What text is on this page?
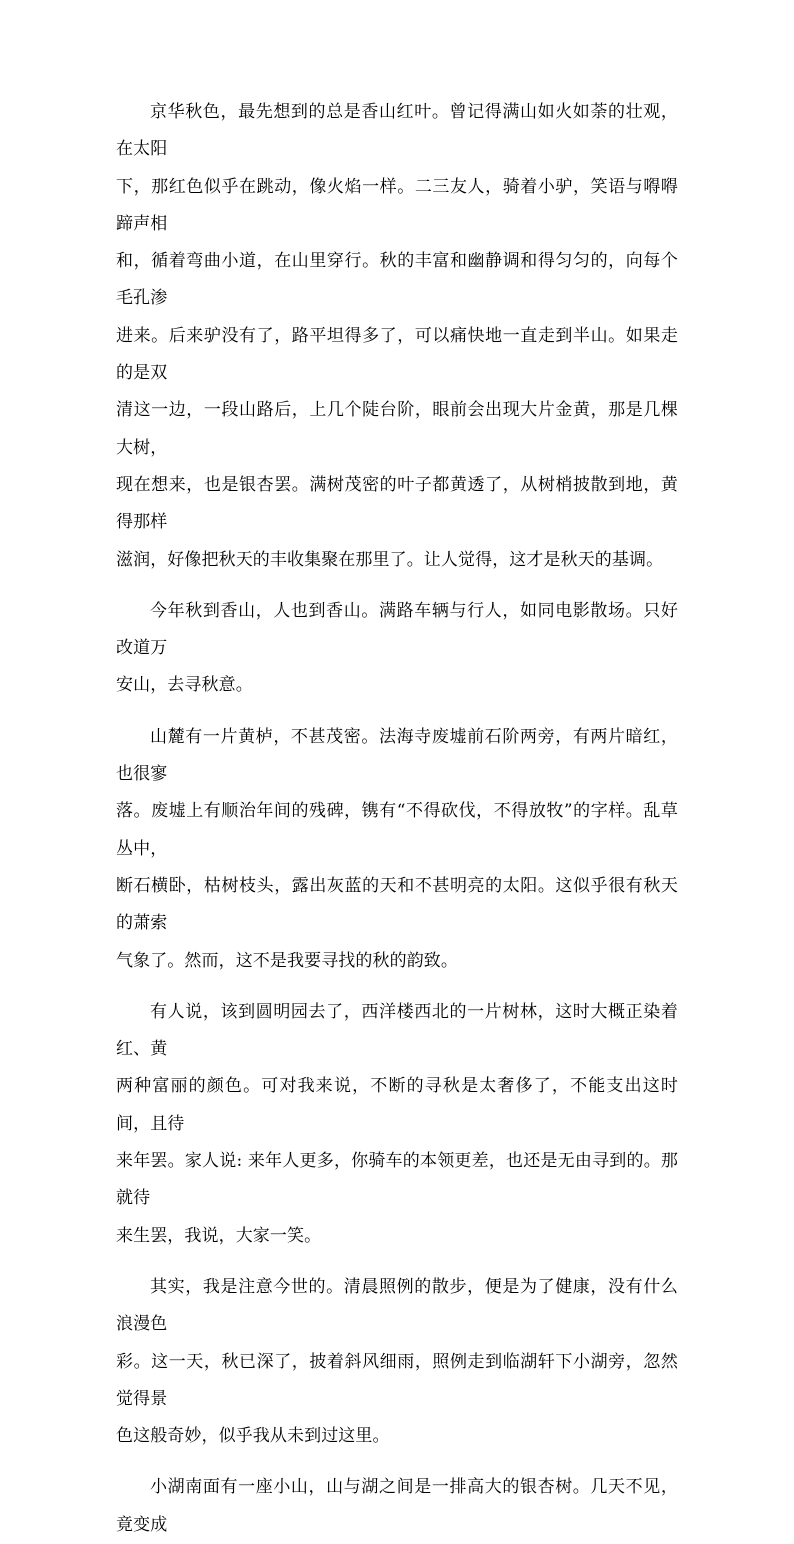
京华秋色，最先想到的总是香山红叶。曾记得满山如火如荼的壮观，在太阳
下，那红色似乎在跳动，像火焰一样。二三友人，骑着小驴，笑语与嘚嘚蹄声相
和，循着弯曲小道，在山里穿行。秋的丰富和幽静调和得匀匀的，向每个毛孔渗
进来。后来驴没有了，路平坦得多了，可以痛快地一直走到半山。如果走的是双
清这一边，一段山路后，上几个陡台阶，眼前会出现大片金黄，那是几棵大树，
现在想来，也是银杏罢。满树茂密的叶子都黄透了，从树梢披散到地，黄得那样
滋润，好像把秋天的丰收集聚在那里了。让人觉得，这才是秋天的基调。
今年秋到香山，人也到香山。满路车辆与行人，如同电影散场。只好改道万
安山，去寻秋意。
山麓有一片黄栌，不甚茂密。法海寺废墟前石阶两旁，有两片暗红，也很寥
落。废墟上有顺治年间的残碑，镌有“不得砍伐，不得放牧”的字样。乱草丛中，
断石横卧，枯树枝头，露出灰蓝的天和不甚明亮的太阳。这似乎很有秋天的萧索
气象了。然而，这不是我要寻找的秋的韵致。
有人说，该到圆明园去了，西洋楼西北的一片树林，这时大概正染着红、黄
两种富丽的颜色。可对我来说，不断的寻秋是太奢侈了，不能支出这时间，且待
来年罢。家人说: 来年人更多，你骑车的本领更差，也还是无由寻到的。那就待
来生罢，我说，大家一笑。
其实，我是注意今世的。清晨照例的散步，便是为了健康，没有什么浪漫色
彩。这一天，秋已深了，披着斜风细雨，照例走到临湖轩下小湖旁，忽然觉得景
色这般奇妙，似乎我从未到过这里。
小湖南面有一座小山，山与湖之间是一排高大的银杏树。几天不见，竟变成
